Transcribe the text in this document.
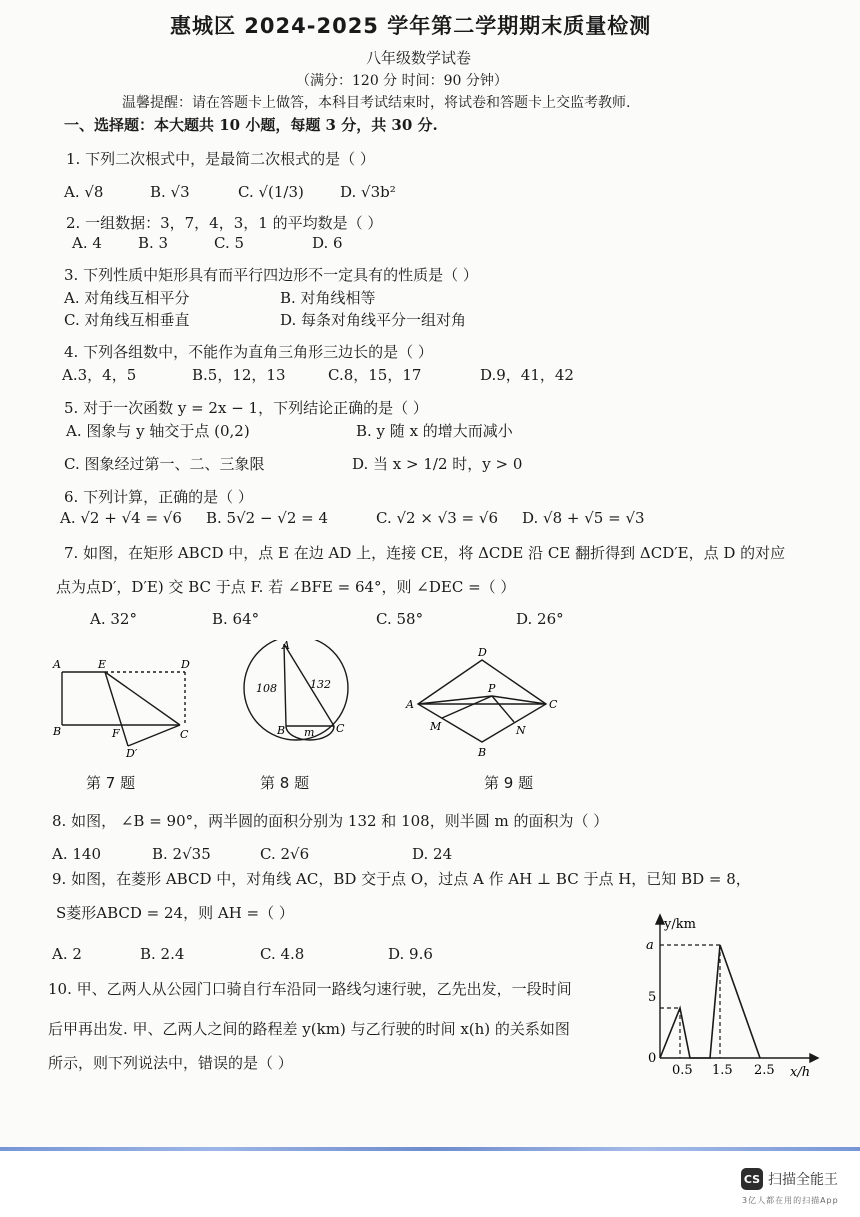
惠城区 2024-2025 学年第二学期期末质量检测
八年级数学试卷
（满分：120 分 时间：90 分钟）
温馨提醒：请在答题卡上做答，本科目考试结束时，将试卷和答题卡上交监考教师.
一、选择题：本大题共 10 小题，每题 3 分，共 30 分.
1. 下列二次根式中，是最简二次根式的是（ ）
A. √8	B. √3	C. √(1/3) D. √3b²
2. 一组数据：3，7，4，3，1 的平均数是（ ）
A. 4 B. 3	C. 5	D. 6
3. 下列性质中矩形具有而平行四边形不一定具有的性质是（ ）
A. 对角线互相平分	B. 对角线相等
C. 对角线互相垂直	D. 每条对角线平分一组对角
4. 下列各组数中，不能作为直角三角形三边长的是（ ）
A.3，4，5	B.5，12，13	C.8，15，17	D.9，41，42
5. 对于一次函数 y = 2x − 1，下列结论正确的是（ ）
A. 图象与 y 轴交于点 (0,2)	B. y 随 x 的增大而减小
C. 图象经过第一、二、三象限	D. 当 x > 1/2 时，y > 0
6. 下列计算，正确的是（ ）
A. √2 + √4 = √6 B. 5√2 − √2 = 4	C. √2 × √3 = √6 D. √8 + √5 = √3
7. 如图，在矩形 ABCD 中，点 E 在边 AD 上，连接 CE，将 ΔCDE 沿 CE 翻折得到 ΔCD′E，点 D 的对应
点为点D′，D′E) 交 BC 于点 F. 若 ∠BFE = 64°，则 ∠DEC =（ ）
A. 32°	B. 64°	C. 58°	D. 26°
A	E	D
B	F	C
D′
第 7 题
A
108	132
B	C
m
第 8 题
D
A
P
C
M	N
B
第 9 题
8. 如图， ∠B = 90°，两半圆的面积分别为 132 和 108，则半圆 m 的面积为（ ）
A. 140	B. 2√35	C. 2√6	D. 24
9. 如图，在菱形 ABCD 中，对角线 AC，BD 交于点 O，过点 A 作 AH ⊥ BC 于点 H，已知 BD = 8，
S菱形ABCD = 24，则 AH =（ ）
A. 2	B. 2.4	C. 4.8	D. 9.6
10. 甲、乙两人从公园门口骑自行车沿同一路线匀速行驶，乙先出发，一段时间
后甲再出发. 甲、乙两人之间的路程差 y(km) 与乙行驶的时间 x(h) 的关系如图
所示，则下列说法中，错误的是（ ）
y/km
x/h
a
5
0
0.5 1.5 2.5
CS 扫描全能王
3亿人都在用的扫描App
